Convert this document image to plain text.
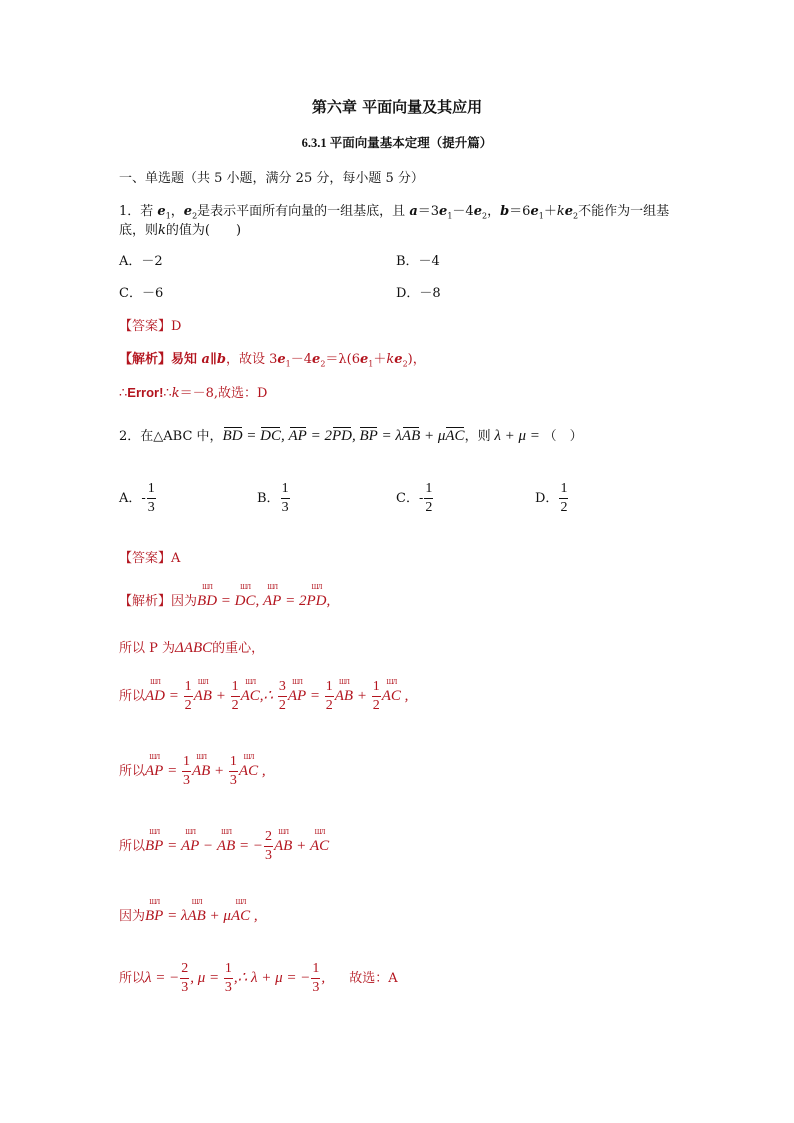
第六章 平面向量及其应用
6.3.1 平面向量基本定理（提升篇）
一、单选题（共 5 小题，满分 25 分，每小题 5 分）
1．若 $e_1$，$e_2$是表示平面所有向量的一组基底，且 $a=3e_1-4e_2$，$b=6e_1+ke_2$不能作为一组基
底，则k的值为(　　)
A．－2	B．－4
C．－6	D．－8
【答案】D
【解析】易知 a∥b，故设 $3e_1-4e_2=\lambda(6e_1+ke_2)$，
∴Error!∴k＝－8,故选：D
2．在△ABC 中，BD = DC, AP = 2PD, BP = λAB + μAC，则 λ + μ = （　）
A．- $\frac{1}{3}$	B． $\frac{1}{3}$	C．- $\frac{1}{2}$	D． $\frac{1}{2}$
【答案】A
【解析】因为ШЛ BD = ШЛ DC, ШЛ AP = 2ШЛ PD,
所以 P 为ΔABC的重心，
所以ШЛ AD = $\frac{1}{2}$ ШЛ AB + $\frac{1}{2}$ ШЛ AC,∴ $\frac{3}{2}$ ШЛ AP = $\frac{1}{2}$ ШЛ AB + $\frac{1}{2}$ ШЛ AC ,
所以ШЛ AP = $\frac{1}{3}$ ШЛ AB + $\frac{1}{3}$ ШЛ AC ,
所以ШЛ BP = ШЛ AP − ШЛ AB = − $\frac{2}{3}$ ШЛ AB + ШЛ AC
因为ШЛ BP = λШЛ AB + μШЛ AC ,
所以λ = − $\frac{2}{3}$ , $\mu = \frac{1}{3}$ ,∴ λ + μ = − $\frac{1}{3}$ , 故选：A
